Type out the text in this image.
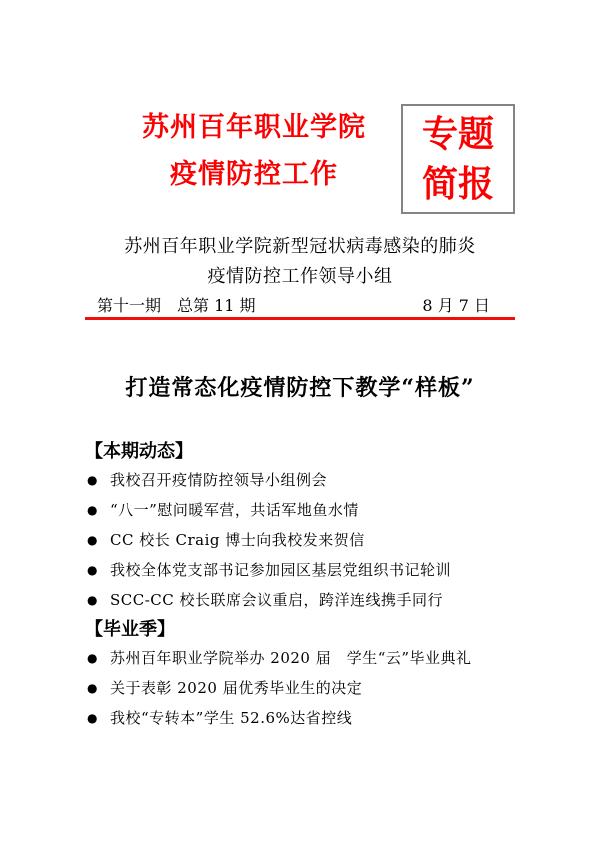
苏州百年职业学院
疫情防控工作
专题
简报
苏州百年职业学院新型冠状病毒感染的肺炎
疫情防控工作领导小组
第十一期　总第 11 期	8 月 7 日
打造常态化疫情防控下教学“样板”
【本期动态】
● 我校召开疫情防控领导小组例会
● “八一”慰问暖军营，共话军地鱼水情
● CC 校长 Craig 博士向我校发来贺信
● 我校全体党支部书记参加园区基层党组织书记轮训
● SCC-CC 校长联席会议重启，跨洋连线携手同行
【毕业季】
● 苏州百年职业学院举办 2020 届　学生“云”毕业典礼
● 关于表彰 2020 届优秀毕业生的决定
● 我校“专转本”学生 52.6%达省控线
